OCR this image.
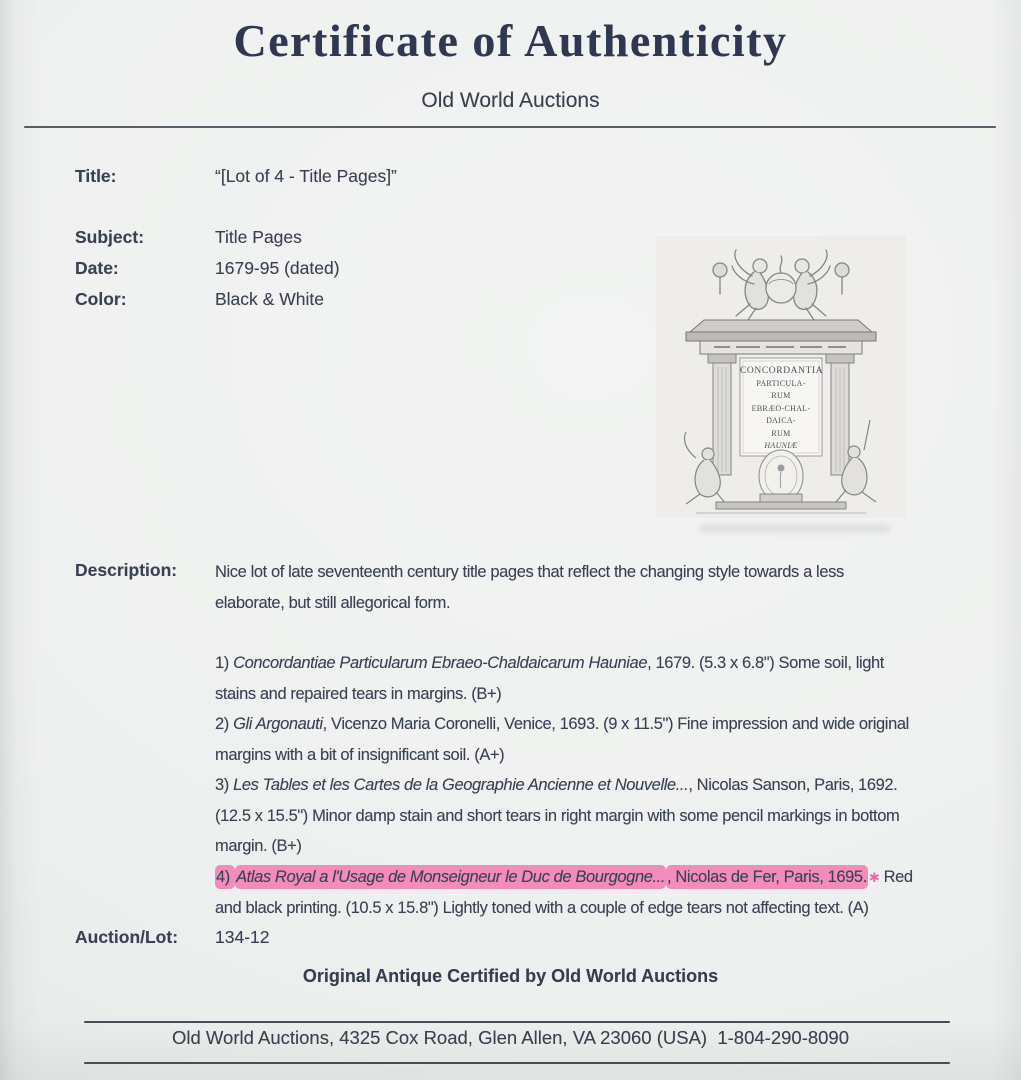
Certificate of Authenticity
Old World Auctions
Title:	“[Lot of 4 - Title Pages]”
Subject:	Title Pages
Date:	1679-95 (dated)
Color:	Black & White
CONCORDANTIA
PARTICULA-
RUM
EBRÆO-CHAL-
DAICA-
RUM
HAUNIÆ
Description: Nice lot of late seventeenth century title pages that reflect the changing style towards a less elaborate, but still allegorical form.

1) Concordantiae Particularum Ebraeo-Chaldaicarum Hauniae, 1679. (5.3 x 6.8") Some soil, light stains and repaired tears in margins. (B+)

2) Gli Argonauti, Vicenzo Maria Coronelli, Venice, 1693. (9 x 11.5") Fine impression and wide original margins with a bit of insignificant soil. (A+)

3) Les Tables et les Cartes de la Geographie Ancienne et Nouvelle..., Nicolas Sanson, Paris, 1692. (12.5 x 15.5") Minor damp stain and short tears in right margin with some pencil markings in bottom margin. (B+)

4) Atlas Royal a l'Usage de Monseigneur le Duc de Bourgogne... , Nicolas de Fer, Paris, 1695. ✱ Red and black printing. (10.5 x 15.8") Lightly toned with a couple of edge tears not affecting text. (A)

Auction/Lot:	134-12
Original Antique Certified by Old World Auctions
Old World Auctions, 4325 Cox Road, Glen Allen, VA 23060 (USA)  1-804-290-8090
